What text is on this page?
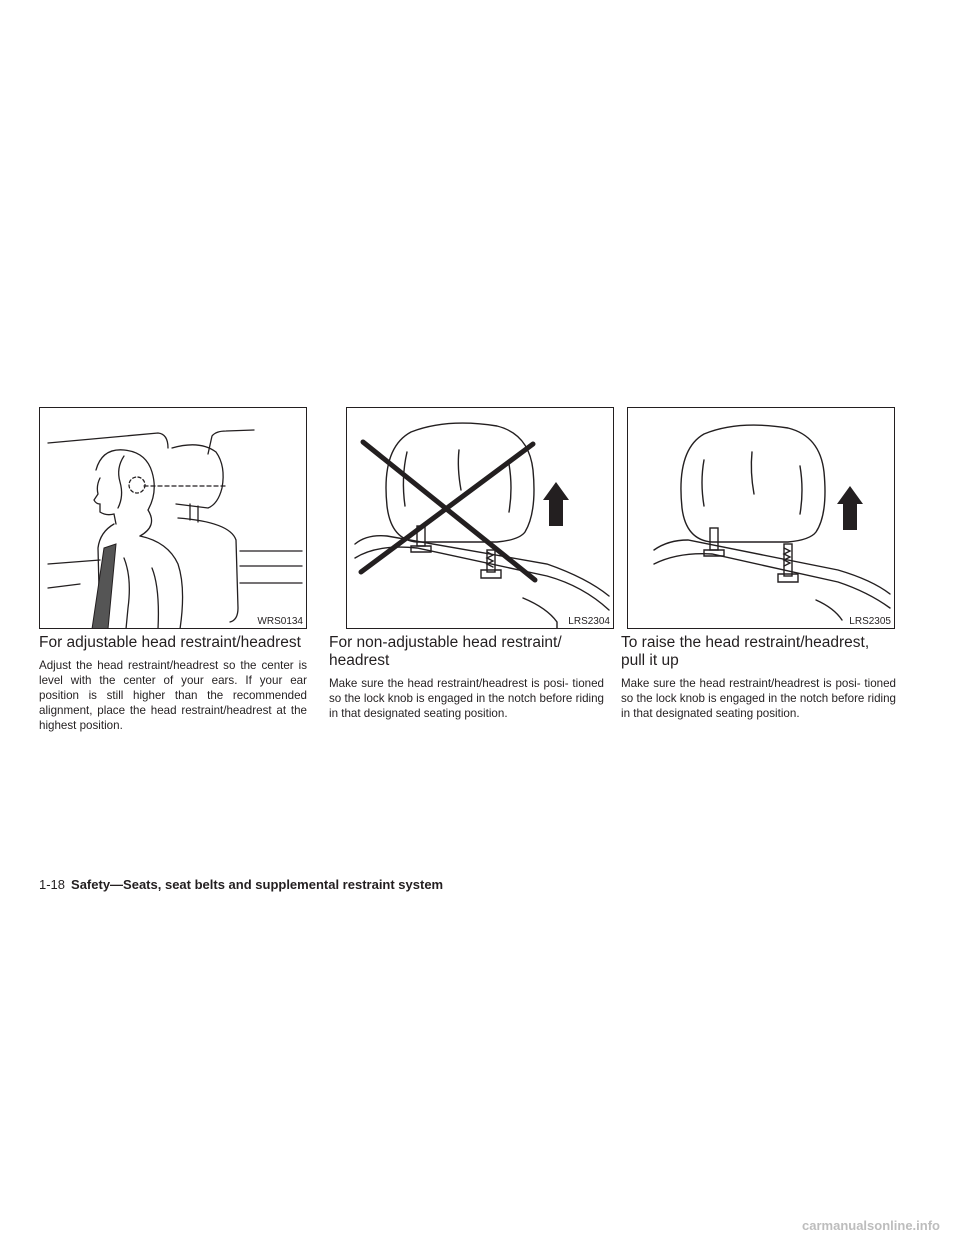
WRS0134	LRS2304	LRS2305
For adjustable head restraint/headrest

Adjust the head restraint/headrest so the center is level with the center of your ears. If your ear position is still higher than the recommended alignment, place the head restraint/headrest at the highest position.

For non-adjustable head restraint/ headrest

Make sure the head restraint/headrest is posi- tioned so the lock knob is engaged in the notch before riding in that designated seating position.

To raise the head restraint/headrest, pull it up

Make sure the head restraint/headrest is posi- tioned so the lock knob is engaged in the notch before riding in that designated seating position.

1-18 Safety—Seats, seat belts and supplemental restraint system
carmanualsonline.info
